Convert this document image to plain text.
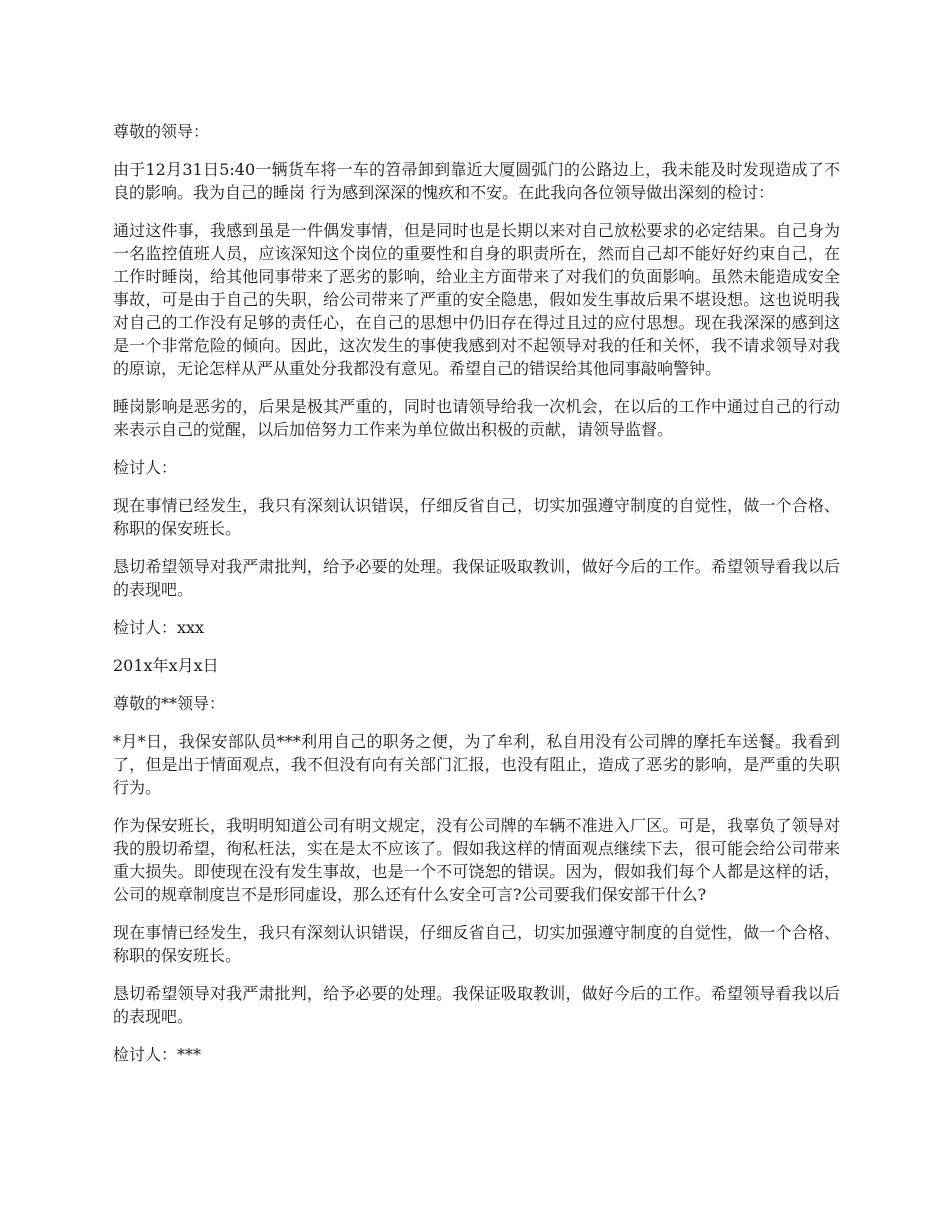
尊敬的领导：

由于12月31日5:40一辆货车将一车的笤帚卸到靠近大厦圆弧门的公路边上，我未能及时发现造成了不良的影响。我为自己的睡岗 行为感到深深的愧疚和不安。在此我向各位领导做出深刻的检讨：

通过这件事，我感到虽是一件偶发事情，但是同时也是长期以来对自己放松要求的必定结果。自己身为一名监控值班人员，应该深知这个岗位的重要性和自身的职责所在，然而自己却不能好好约束自己，在工作时睡岗，给其他同事带来了恶劣的影响，给业主方面带来了对我们的负面影响。虽然未能造成安全事故，可是由于自己的失职，给公司带来了严重的安全隐患，假如发生事故后果不堪设想。这也说明我对自己的工作没有足够的责任心，在自己的思想中仍旧存在得过且过的应付思想。现在我深深的感到这是一个非常危险的倾向。因此，这次发生的事使我感到对不起领导对我的任和关怀，我不请求领导对我的原谅，无论怎样从严从重处分我都没有意见。希望自己的错误给其他同事敲响警钟。

睡岗影响是恶劣的，后果是极其严重的，同时也请领导给我一次机会，在以后的工作中通过自己的行动来表示自己的觉醒，以后加倍努力工作来为单位做出积极的贡献，请领导监督。

检讨人：

现在事情已经发生，我只有深刻认识错误，仔细反省自己，切实加强遵守制度的自觉性，做一个合格、称职的保安班长。

恳切希望领导对我严肃批判，给予必要的处理。我保证吸取教训，做好今后的工作。希望领导看我以后的表现吧。

检讨人：xxx

201x年x月x日

尊敬的**领导：

*月*日，我保安部队员***利用自己的职务之便，为了牟利，私自用没有公司牌的摩托车送餐。我看到了，但是出于情面观点，我不但没有向有关部门汇报，也没有阻止，造成了恶劣的影响，是严重的失职行为。

作为保安班长，我明明知道公司有明文规定，没有公司牌的车辆不准进入厂区。可是，我辜负了领导对我的殷切希望，徇私枉法，实在是太不应该了。假如我这样的情面观点继续下去，很可能会给公司带来重大损失。即使现在没有发生事故，也是一个不可饶恕的错误。因为，假如我们每个人都是这样的话，公司的规章制度岂不是形同虚设，那么还有什么安全可言?公司要我们保安部干什么?

现在事情已经发生，我只有深刻认识错误，仔细反省自己，切实加强遵守制度的自觉性，做一个合格、称职的保安班长。

恳切希望领导对我严肃批判，给予必要的处理。我保证吸取教训，做好今后的工作。希望领导看我以后的表现吧。

检讨人：***
